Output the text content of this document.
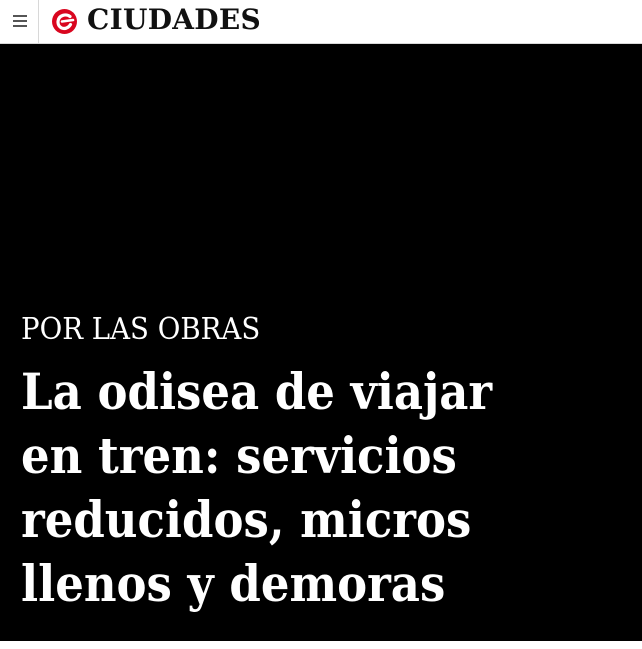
CIUDADES
POR LAS OBRAS
La odisea de viajar en tren: servicios reducidos, micros llenos y demoras
